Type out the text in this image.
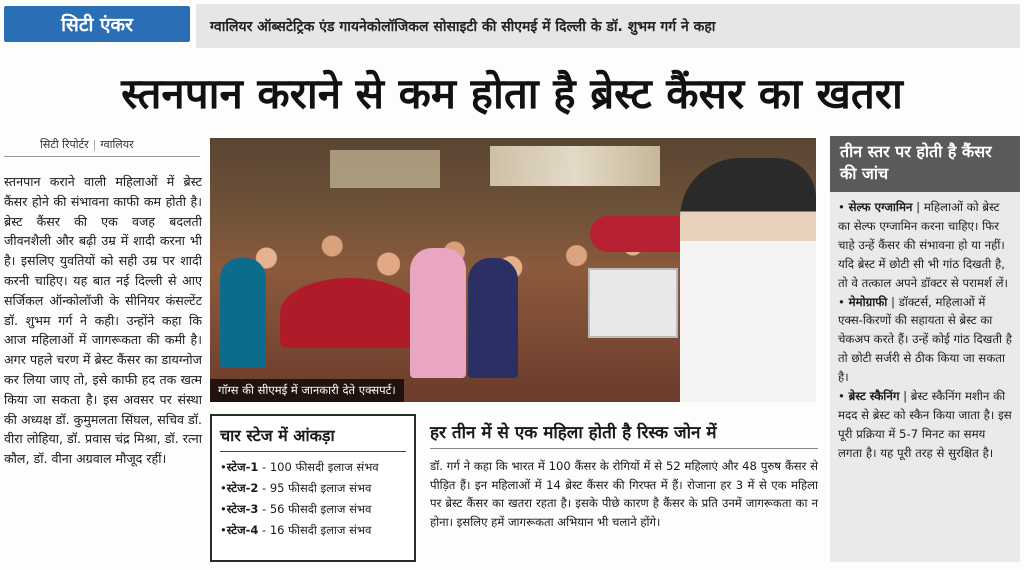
सिटी एंकर	ग्वालियर ऑब्सटेट्रिक एंड गायनेकोलॉजिकल सोसाइटी की सीएमई में दिल्ली के डॉ. शुभम गर्ग ने कहा
स्तनपान कराने से कम होता है ब्रेस्ट कैंसर का खतरा
सिटी रिपोर्टर | ग्वालियर
स्तनपान कराने वाली महिलाओं में ब्रेस्ट कैंसर होने की संभावना काफी कम होती है। ब्रेस्ट कैंसर की एक वजह बदलती जीवनशैली और बढ़ी उम्र में शादी करना भी है। इसलिए युवतियों को सही उम्र पर शादी करनी चाहिए। यह बात नई दिल्ली से आए सर्जिकल ऑन्कोलॉजी के सीनियर कंसल्टेंट डॉ. शुभम गर्ग ने कही। उन्होंने कहा कि आज महिलाओं में जागरूकता की कमी है। अगर पहले चरण में ब्रेस्ट कैंसर का डायग्नोज कर लिया जाए तो, इसे काफी हद तक खत्म किया जा सकता है। इस अवसर पर संस्था की अध्यक्ष डॉ. कुमुमलता सिंघल, सचिव डॉ. वीरा लोहिया, डॉ. प्रवास चंद्र मिश्रा, डॉ. रत्ना कौल, डॉ. वीना अग्रवाल मौजूद रहीं।
गॉग्स की सीएमई में जानकारी देते एक्सपर्ट।
चार स्टेज में आंकड़ा
•स्टेज-1 - 100 फीसदी इलाज संभव
•स्टेज-2 - 95 फीसदी इलाज संभव
•स्टेज-3 - 56 फीसदी इलाज संभव
•स्टेज-4 - 16 फीसदी इलाज संभव
हर तीन में से एक महिला होती है रिस्क जोन में
डॉ. गर्ग ने कहा कि भारत में 100 कैंसर के रोगियों में से 52 महिलाएं और 48 पुरुष कैंसर से पीड़ित हैं। इन महिलाओं में 14 ब्रेस्ट कैंसर की गिरफ्त में हैं। रोजाना हर 3 में से एक महिला पर ब्रेस्ट कैंसर का खतरा रहता है। इसके पीछे कारण है कैंसर के प्रति उनमें जागरूकता का न होना। इसलिए हमें जागरूकता अभियान भी चलाने होंगे।
तीन स्तर पर होती है कैंसर की जांच
• सेल्फ एग्जामिन | महिलाओं को ब्रेस्ट का सेल्फ एग्जामिन करना चाहिए। फिर चाहे उन्हें कैंसर की संभावना हो या नहीं। यदि ब्रेस्ट में छोटी सी भी गांठ दिखती है, तो वे तत्काल अपने डॉक्टर से परामर्श लें।
• मेमोग्राफी | डॉक्टर्स, महिलाओं में एक्स-किरणों की सहायता से ब्रेस्ट का चेकअप करते हैं। उन्हें कोई गांठ दिखती है तो छोटी सर्जरी से ठीक किया जा सकता है।
• ब्रेस्ट स्कैनिंग | ब्रेस्ट स्कैनिंग मशीन की मदद से ब्रेस्ट को स्कैन किया जाता है। इस पूरी प्रक्रिया में 5-7 मिनट का समय लगता है। यह पूरी तरह से सुरक्षित है।
